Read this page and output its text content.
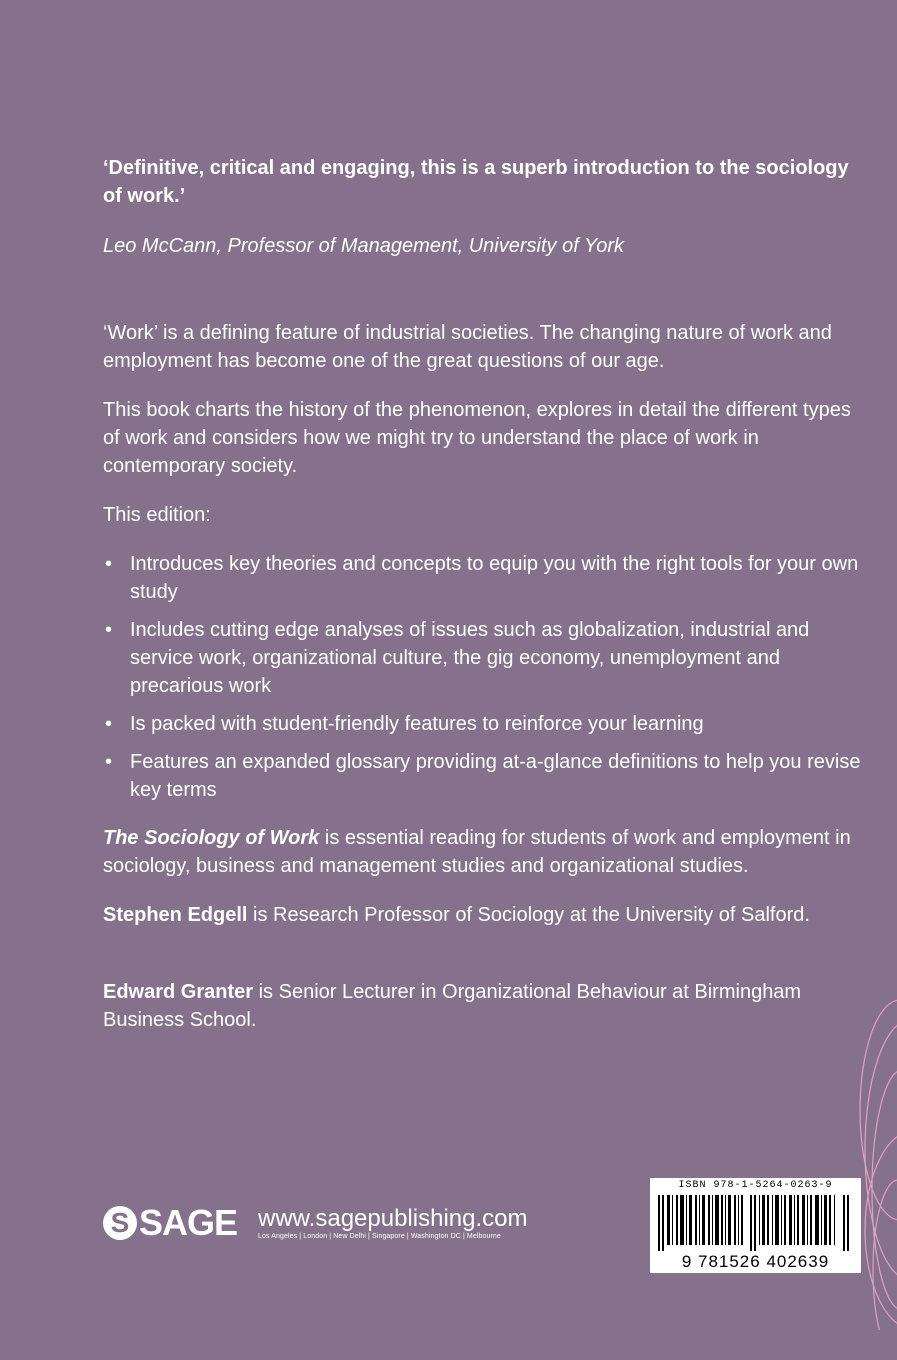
‘Definitive, critical and engaging, this is a superb introduction to the sociology of work.’

Leo McCann, Professor of Management, University of York

‘Work’ is a defining feature of industrial societies. The changing nature of work and employment has become one of the great questions of our age.

This book charts the history of the phenomenon, explores in detail the different types of work and considers how we might try to understand the place of work in contemporary society.

This edition:

• Introduces key theories and concepts to equip you with the right tools for your own study
• Includes cutting edge analyses of issues such as globalization, industrial and service work, organizational culture, the gig economy, unemployment and precarious work
• Is packed with student-friendly features to reinforce your learning
• Features an expanded glossary providing at-a-glance definitions to help you revise key terms

The Sociology of Work is essential reading for students of work and employment in sociology, business and management studies and organizational studies.

Stephen Edgell is Research Professor of Sociology at the University of Salford.

Edward Granter is Senior Lecturer in Organizational Behaviour at Birmingham Business School.

S SAGE www.sagepublishing.com
Los Angeles | London | New Delhi | Singapore | Washington DC | Melbourne
ISBN 978-1-5264-0263-9
9 781526 402639
